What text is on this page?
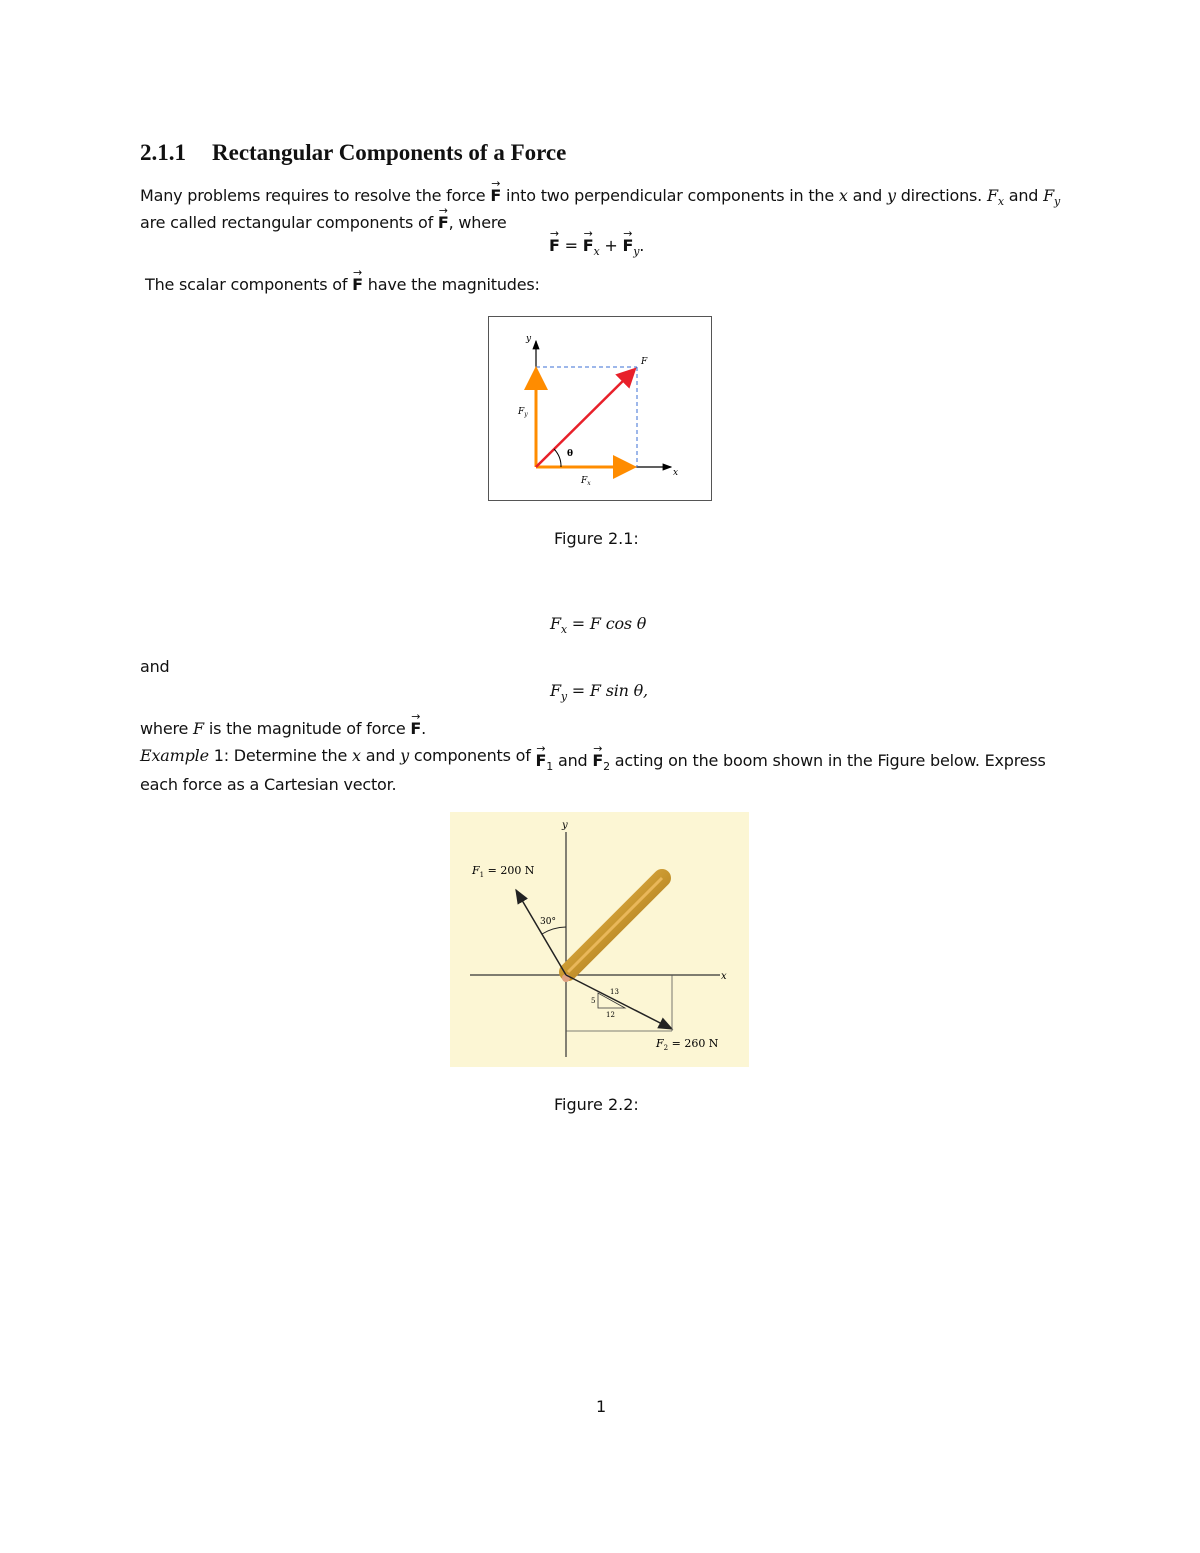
2.1.1 Rectangular Components of a Force
Many problems requires to resolve the force → F into two perpendicular components in the x and y directions. $F_x$ and $F_y$
are called rectangular components of → F, where
→ F = → $F_x$ + → $F_y$.
The scalar components of → F have the magnitudes:
y
x
F
$F_y$
$F_x$
θ
Figure 2.1:
$F_x = F$ cos θ
and
$F_y = F$ sin θ,
where F is the magnitude of force → F.
Example 1: Determine the x and y components of → $F_1$ and → $F_2$ acting on the boom shown in the Figure below. Express
each force as a Cartesian vector.
y
x
$F_1 = 200$ N
30°
13
5
12
$F_2 = 260$ N
Figure 2.2:
1
